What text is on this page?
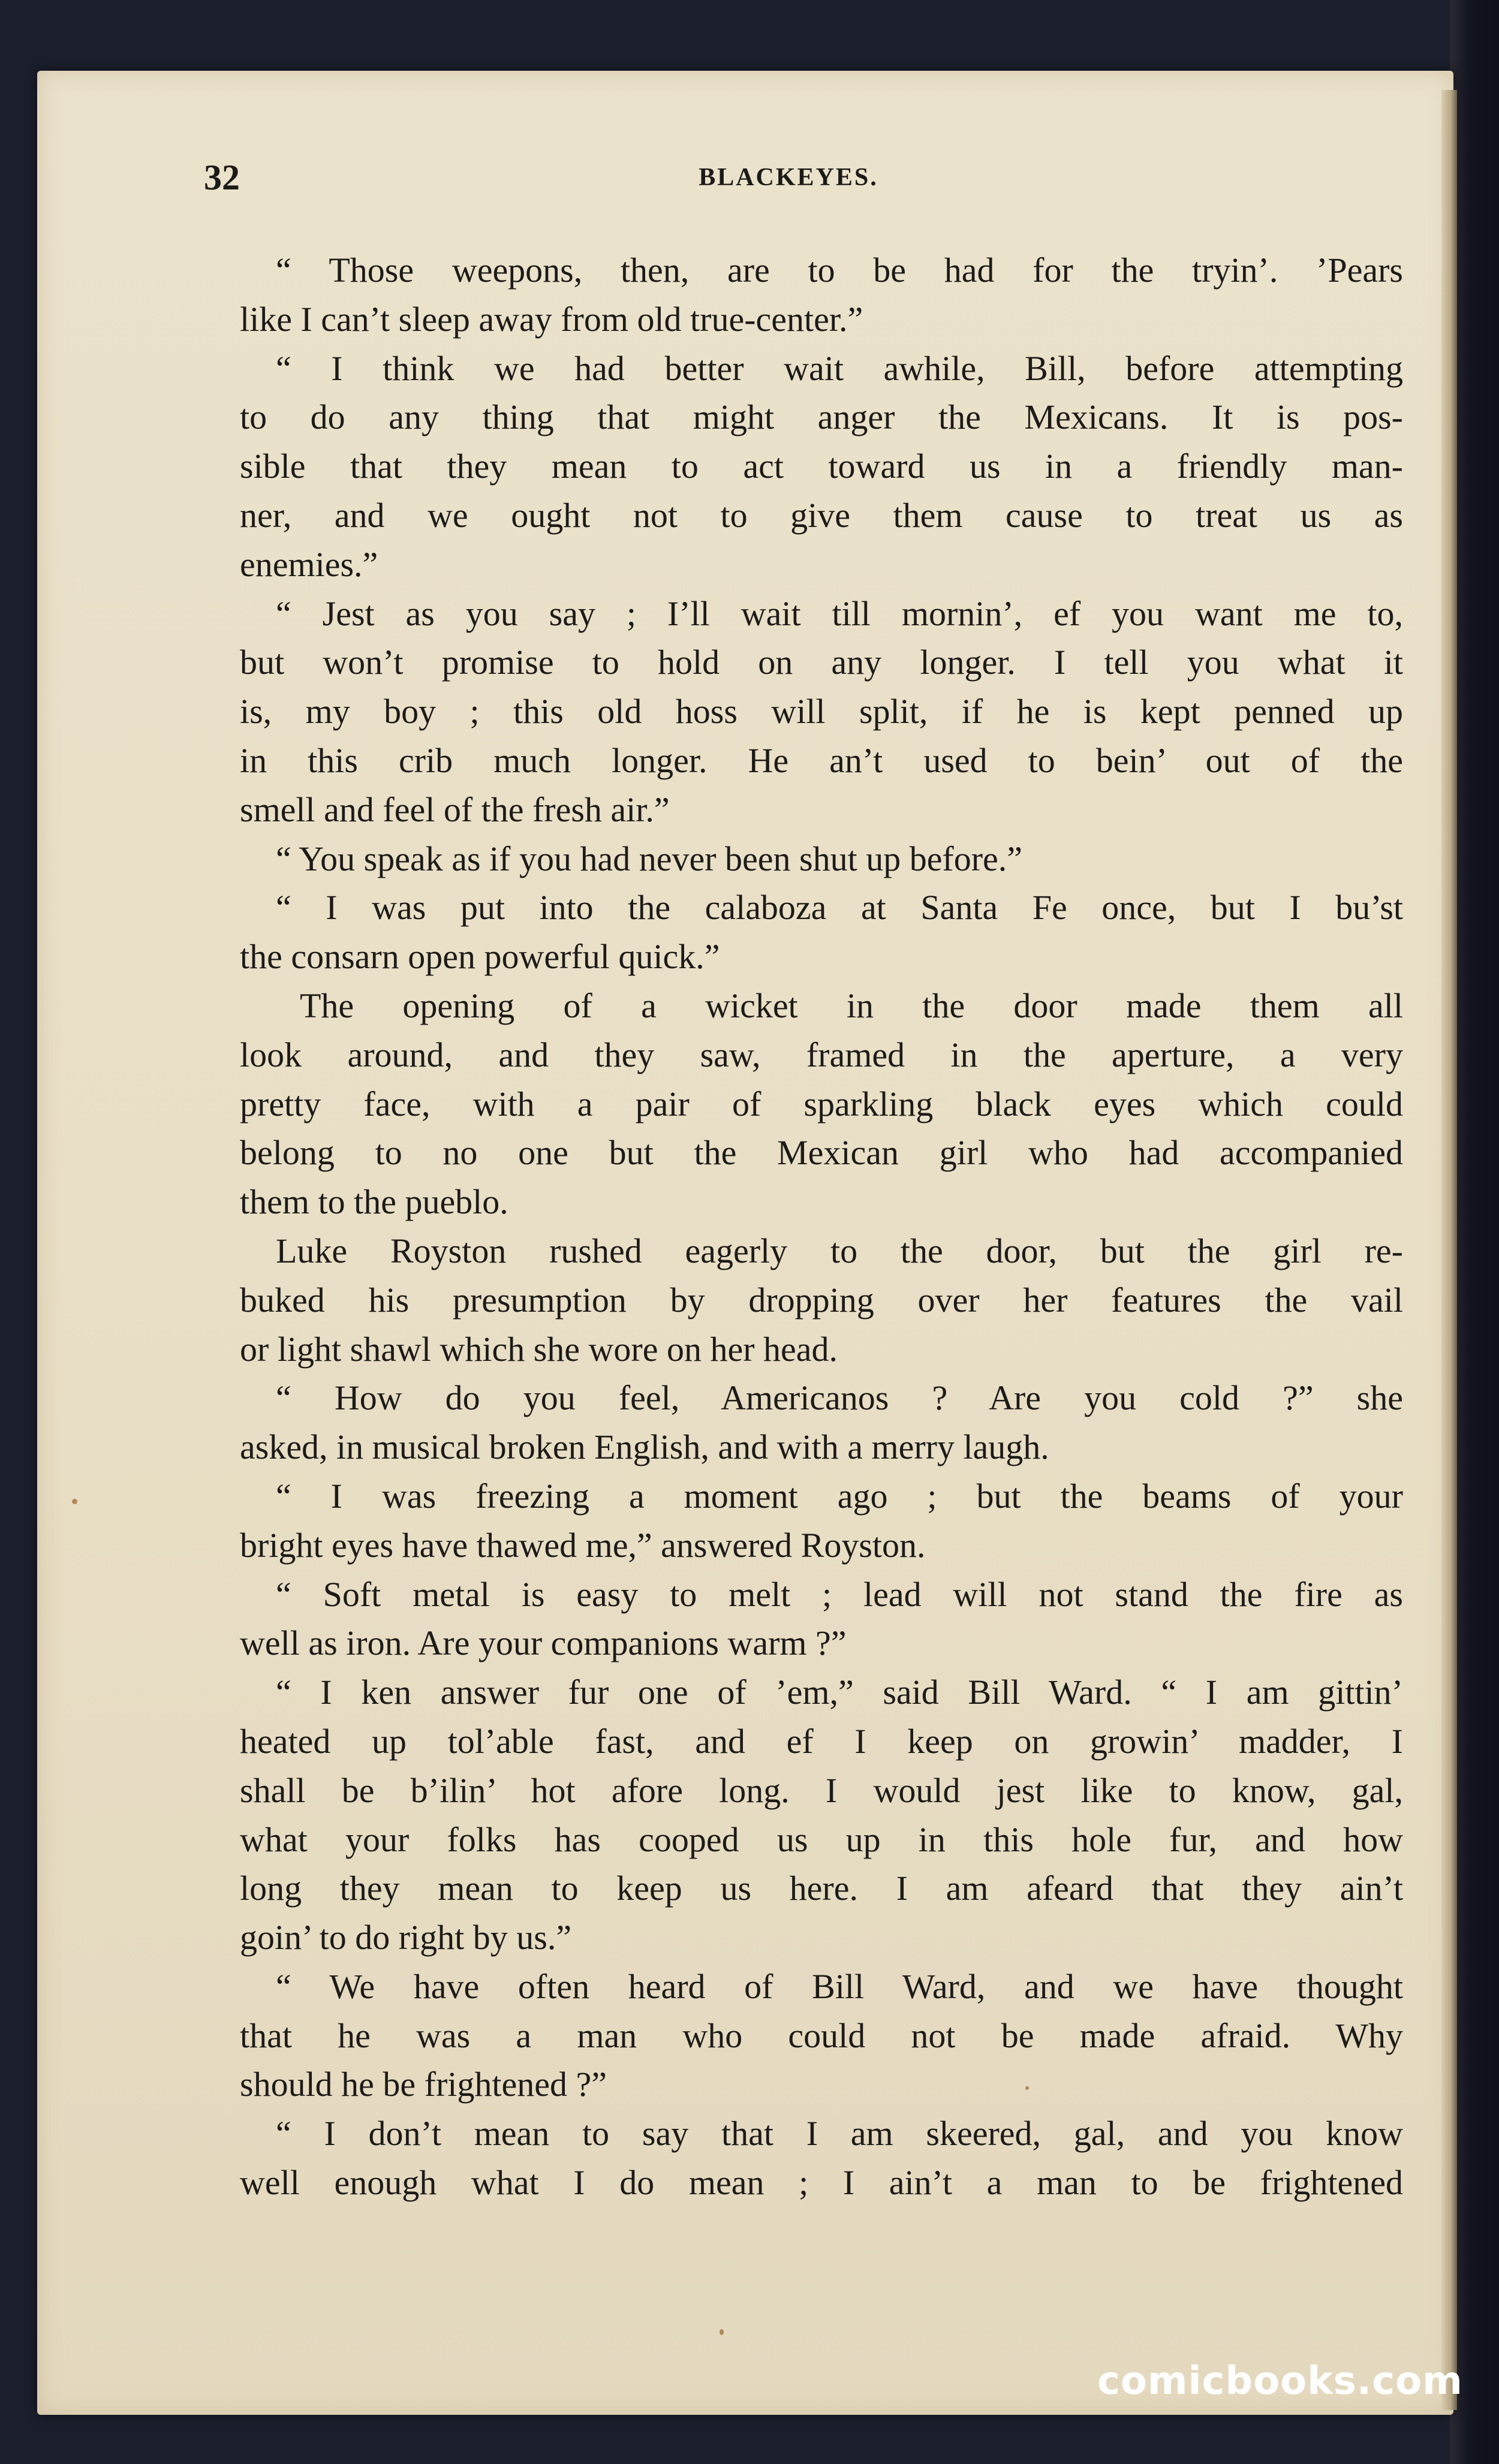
32	BLACKEYES.
“ Those weepons, then, are to be had for the tryin’. ’Pears
like I can’t sleep away from old true-center.”
“ I think we had better wait awhile, Bill, before attempting
to do any thing that might anger the Mexicans. It is pos-
sible that they mean to act toward us in a friendly man-
ner, and we ought not to give them cause to treat us as
enemies.”
“ Jest as you say ; I’ll wait till mornin’, ef you want me to,
but won’t promise to hold on any longer. I tell you what it
is, my boy ; this old hoss will split, if he is kept penned up
in this crib much longer. He an’t used to bein’ out of the
smell and feel of the fresh air.”
“ You speak as if you had never been shut up before.”
“ I was put into the calaboza at Santa Fe once, but I bu’st
the consarn open powerful quick.”
The opening of a wicket in the door made them all
look around, and they saw, framed in the aperture, a very
pretty face, with a pair of sparkling black eyes which could
belong to no one but the Mexican girl who had accompanied
them to the pueblo.
Luke Royston rushed eagerly to the door, but the girl re-
buked his presumption by dropping over her features the vail
or light shawl which she wore on her head.
“ How do you feel, Americanos ? Are you cold ?” she
asked, in musical broken English, and with a merry laugh.
“ I was freezing a moment ago ; but the beams of your
bright eyes have thawed me,” answered Royston.
“ Soft metal is easy to melt ; lead will not stand the fire as
well as iron. Are your companions warm ?”
“ I ken answer fur one of ’em,” said Bill Ward. “ I am gittin’
heated up tol’able fast, and ef I keep on growin’ madder, I
shall be b’ilin’ hot afore long. I would jest like to know, gal,
what your folks has cooped us up in this hole fur, and how
long they mean to keep us here. I am afeard that they ain’t
goin’ to do right by us.”
“ We have often heard of Bill Ward, and we have thought
that he was a man who could not be made afraid. Why
should he be frightened ?”
“ I don’t mean to say that I am skeered, gal, and you know
well enough what I do mean ; I ain’t a man to be frightened
comicbooks.com
